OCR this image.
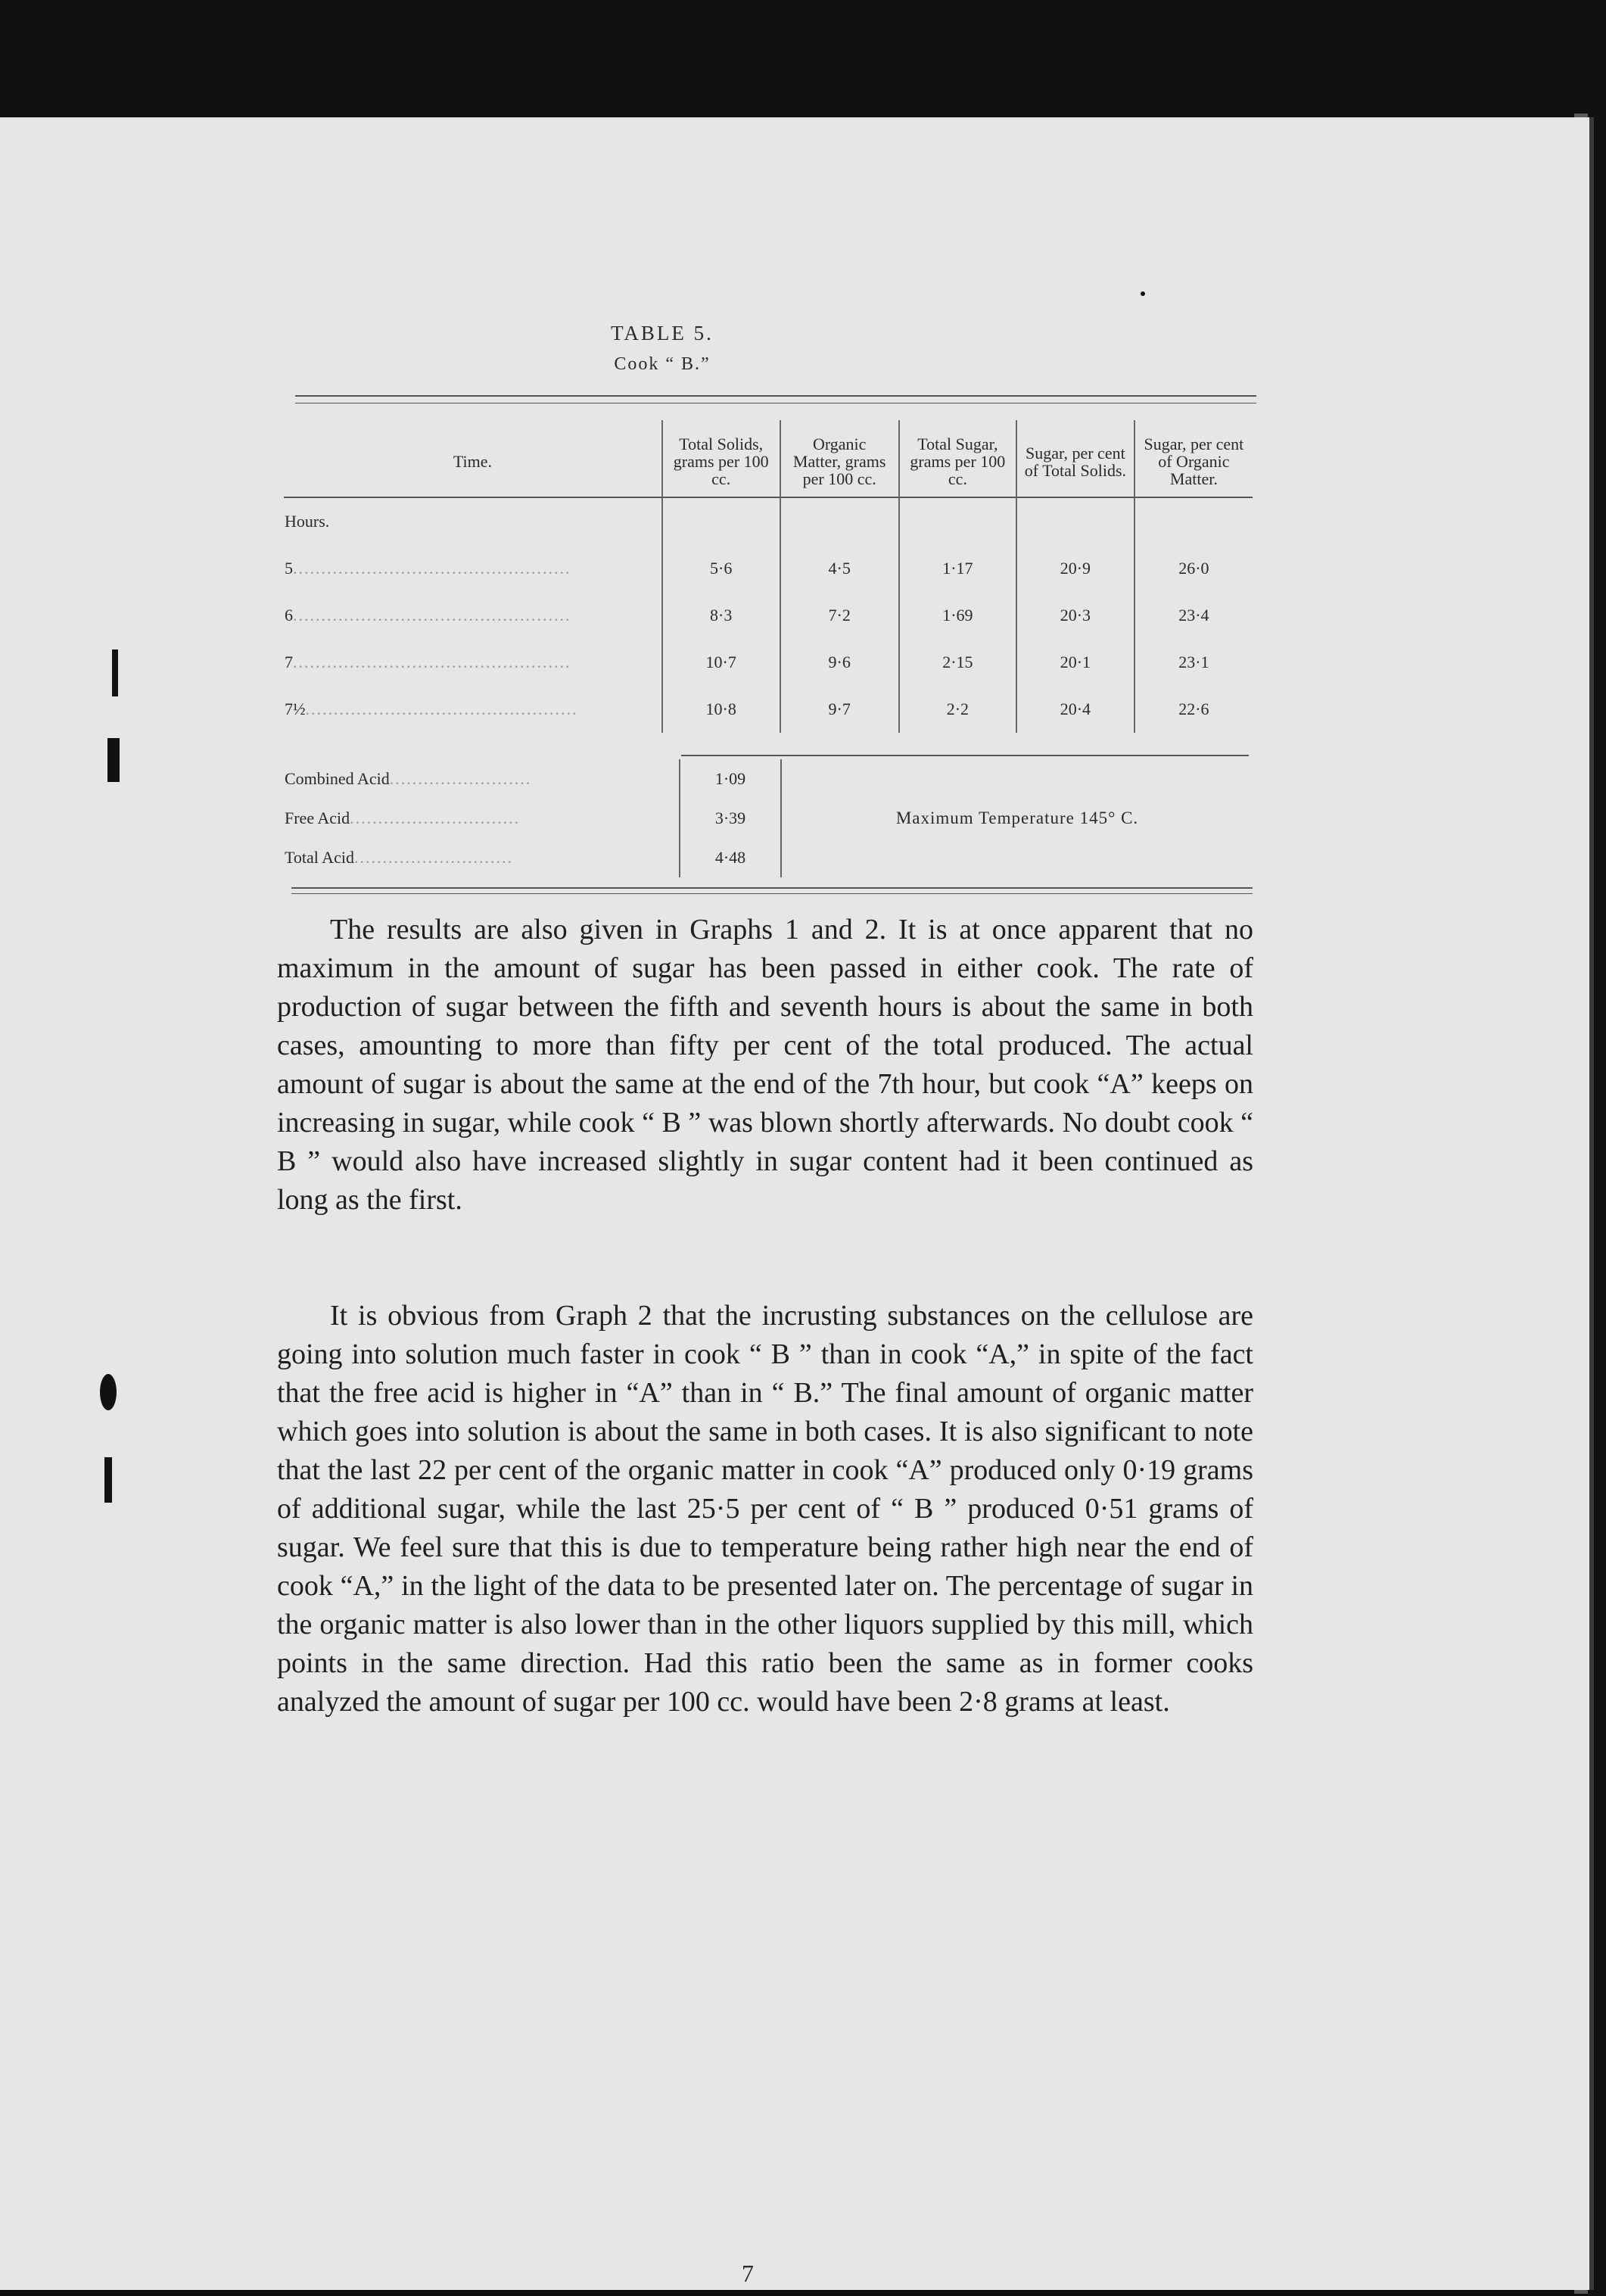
TABLE 5.
Cook “ B.”
Time.	Total Solids, grams per 100 cc.	Organic Matter, grams per 100 cc.	Total Sugar, grams per 100 cc.	Sugar, per cent of Total Solids.	Sugar, per cent of Organic Matter.
Hours.					
5.................................................	5·6	4·5	1·17	20·9	26·0
6.................................................	8·3	7·2	1·69	20·3	23·4
7.................................................	10·7	9·6	2·15	20·1	23·1
7½................................................	10·8	9·7	2·2	20·4	22·6
Combined Acid.........................	1·09	Maximum Temperature 145° C.
Free Acid..............................	3·39	
Total Acid............................	4·48	
The results are also given in Graphs 1 and 2. It is at once apparent that no maximum in the amount of sugar has been passed in either cook. The rate of production of sugar between the fifth and seventh hours is about the same in both cases, amounting to more than fifty per cent of the total produced. The actual amount of sugar is about the same at the end of the 7th hour, but cook “A” keeps on increasing in sugar, while cook “ B ” was blown shortly afterwards. No doubt cook “ B ” would also have increased slightly in sugar content had it been continued as long as the first.
It is obvious from Graph 2 that the incrusting substances on the cellulose are going into solution much faster in cook “ B ” than in cook “A,” in spite of the fact that the free acid is higher in “A” than in “ B.” The final amount of organic matter which goes into solution is about the same in both cases. It is also significant to note that the last 22 per cent of the organic matter in cook “A” produced only 0·19 grams of additional sugar, while the last 25·5 per cent of “ B ” produced 0·51 grams of sugar. We feel sure that this is due to temperature being rather high near the end of cook “A,” in the light of the data to be presented later on. The percentage of sugar in the organic matter is also lower than in the other liquors supplied by this mill, which points in the same direction. Had this ratio been the same as in former cooks analyzed the amount of sugar per 100 cc. would have been 2·8 grams at least.
7
